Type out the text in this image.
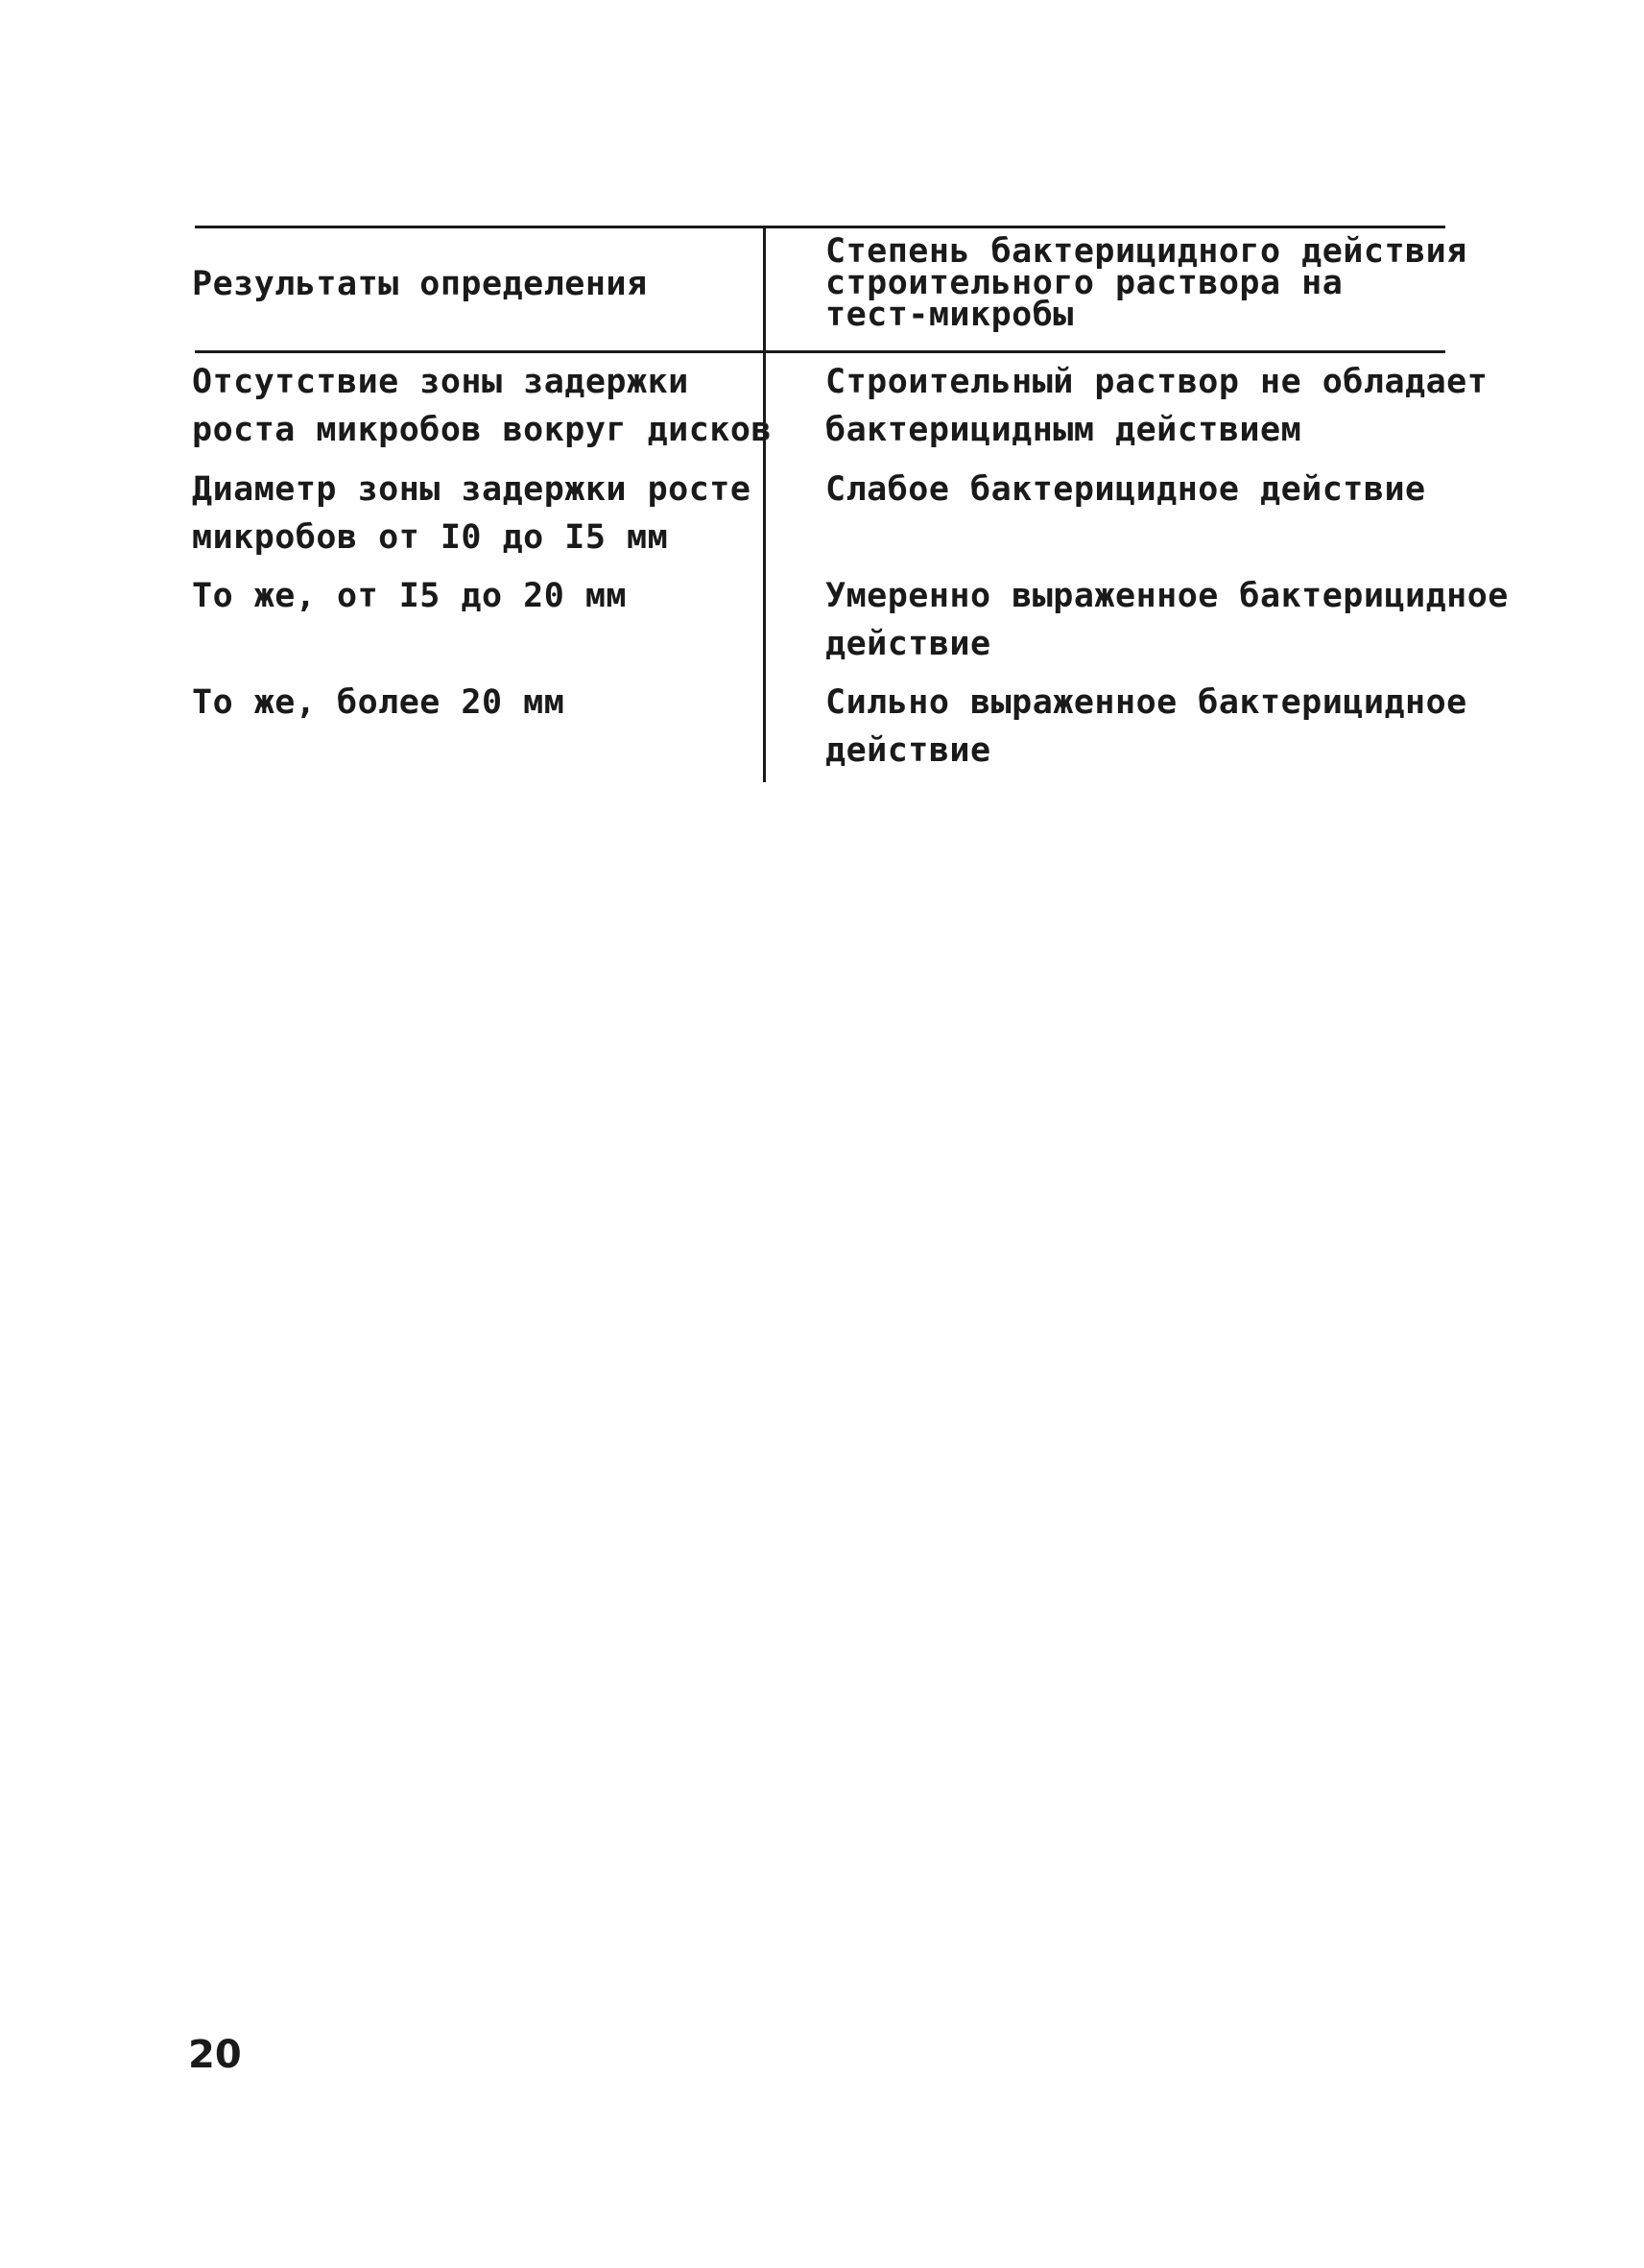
Результаты определения
Степень бактерицидного действия
строительного раствора на
тест-микробы
Отсутствие зоны задержки
роста микробов вокруг дисков
Строительный раствор не обладает
бактерицидным действием
Диаметр зоны задержки росте
микробов от I0 до I5 мм
Слабое бактерицидное действие
То же, от I5 до 20 мм	Умеренно выраженное бактерицидное
действие
То же, более 20 мм	Сильно выраженное бактерицидное
действие
20
